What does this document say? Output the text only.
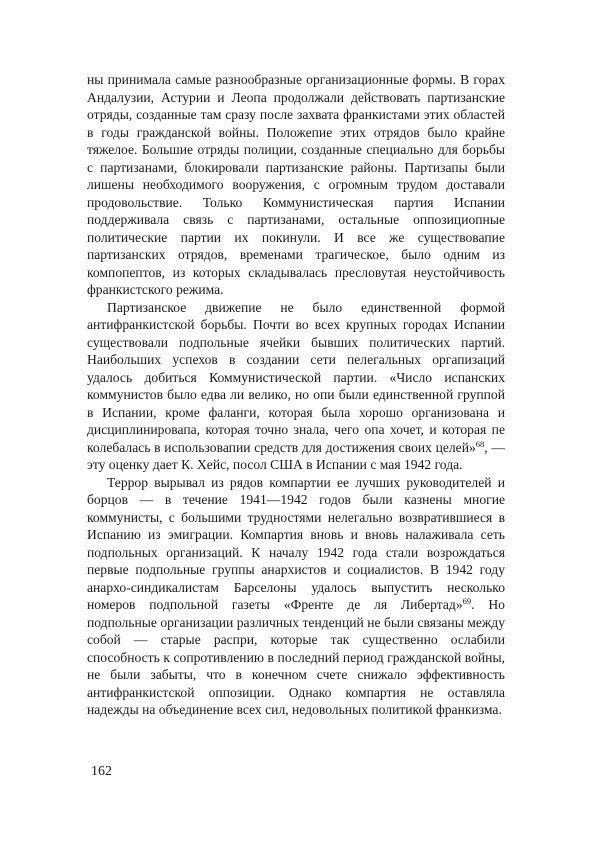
ны принимала самые разнообразные организационные формы. В горах Андалузии, Астурии и Леопа продолжали действовать партизанские отряды, созданные там сразу после захвата франкистами этих областей в годы гражданской войны. Положепие этих отрядов было крайне тяжелое. Большие отряды полиции, созданные специально для борьбы с партизанами, блокировали партизанские районы. Партизапы были лишены необходимого вооружения, с огромным трудом доставали продовольствие. Только Коммунистическая партия Испании поддерживала связь с партизанами, остальные оппозициопные политические партии их покинули. И все же существовапие партизанских отрядов, временами трагическое, было одним из компопептов, из которых складывалась пресловутая неустойчивость франкистского режима.

Партизанское движепие не было единственной формой антифранкистской борьбы. Почти во всех крупных городах Испании существовали подпольные ячейки бывших политических партий. Наибольших успехов в создании сети пелегальных оргапизаций удалось добиться Коммунистической партии. «Число испанских коммунистов было едва ли велико, но опи были единственной группой в Испании, кроме фаланги, которая была хорошо организована и дисциплинировапа, которая точно знала, чего опа хочет, и которая пе колебалась в использовапии средств для достижения своих целей»$^{68}$, — эту оценку дает К. Хейс, посол США в Испании с мая 1942 года.

Террор вырывал из рядов компартии ее лучших руководителей и борцов — в течение 1941—1942 годов были казнены многие коммунисты, с большими трудностями нелегально возвратившиеся в Испанию из эмиграции. Компартия вновь и вновь налаживала сеть подпольных организаций. К началу 1942 года стали возрождаться первые подпольные группы анархистов и социалистов. В 1942 году анархо-синдикалистам Барселоны удалось выпустить несколько номеров подпольной газеты «Френте де ля Либертад»$^{69}$. Но подпольные организации различных тенденций не были связаны между собой — старые распри, которые так существенно ослабили способность к сопротивлению в последний период гражданской войны, не были забыты, что в конечном счете снижало эффективность антифранкистской оппозиции. Однако компартия не оставляла надежды на объединение всех сил, недовольных политикой франкизма.

162
